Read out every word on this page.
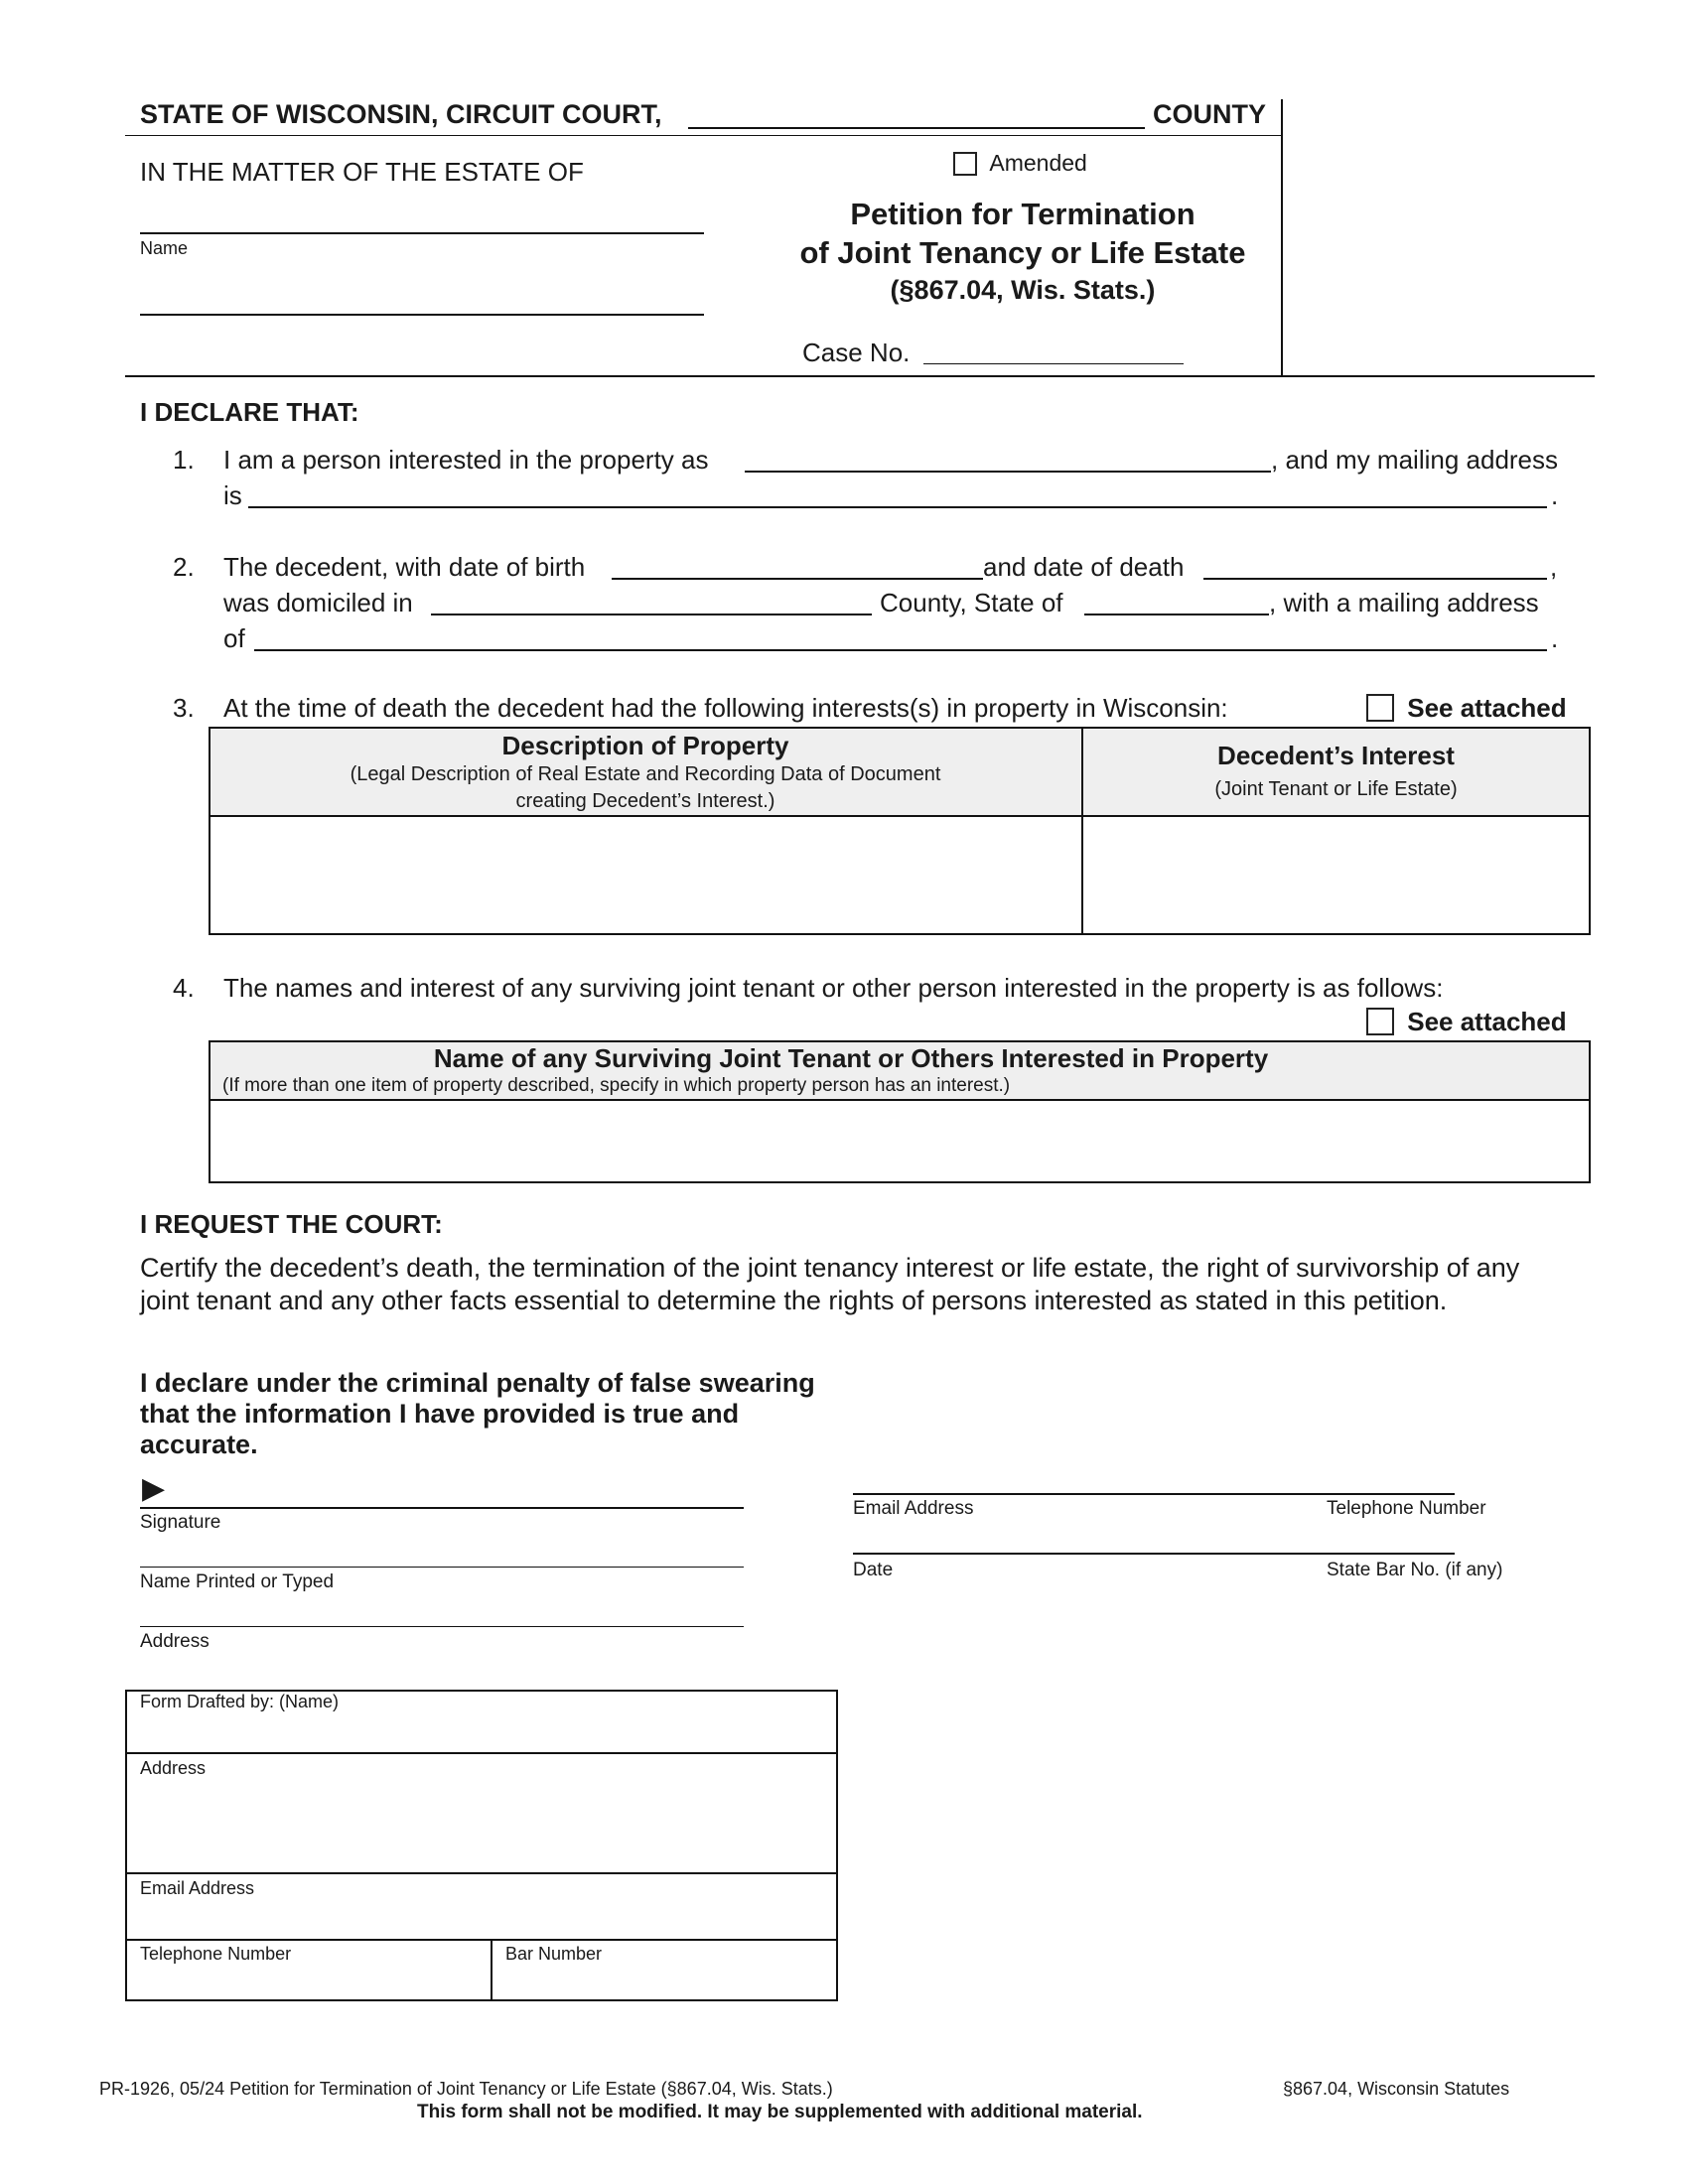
STATE OF WISCONSIN, CIRCUIT COURT,	COUNTY
IN THE MATTER OF THE ESTATE OF
Name
Amended
Petition for Termination
of Joint Tenancy or Life Estate
(§867.04, Wis. Stats.)
Case No.
I DECLARE THAT:
1. I am a person interested in the property as	, and my mailing address
is	.
2. The decedent, with date of birth	and date of death	,
was domiciled in	County, State of	, with a mailing address
of	.
3. At the time of death the decedent had the following interests(s) in property in Wisconsin:	See attached
Description of Property
(Legal Description of Real Estate and Recording Data of Document
creating Decedent’s Interest.)
Decedent’s Interest
(Joint Tenant or Life Estate)
4. The names and interest of any surviving joint tenant or other person interested in the property is as follows:
See attached
Name of any Surviving Joint Tenant or Others Interested in Property
(If more than one item of property described, specify in which property person has an interest.)
I REQUEST THE COURT:
Certify the decedent’s death, the termination of the joint tenancy interest or life estate, the right of survivorship of any
joint tenant and any other facts essential to determine the rights of persons interested as stated in this petition.
I declare under the criminal penalty of false swearing
that the information I have provided is true and
accurate.
▶
Signature
Name Printed or Typed
Address
Email Address	Telephone Number
Date	State Bar No. (if any)
Form Drafted by: (Name)
Address
Email Address
Telephone Number	Bar Number
PR-1926, 05/24 Petition for Termination of Joint Tenancy or Life Estate (§867.04, Wis. Stats.)	§867.04, Wisconsin Statutes
This form shall not be modified. It may be supplemented with additional material.
